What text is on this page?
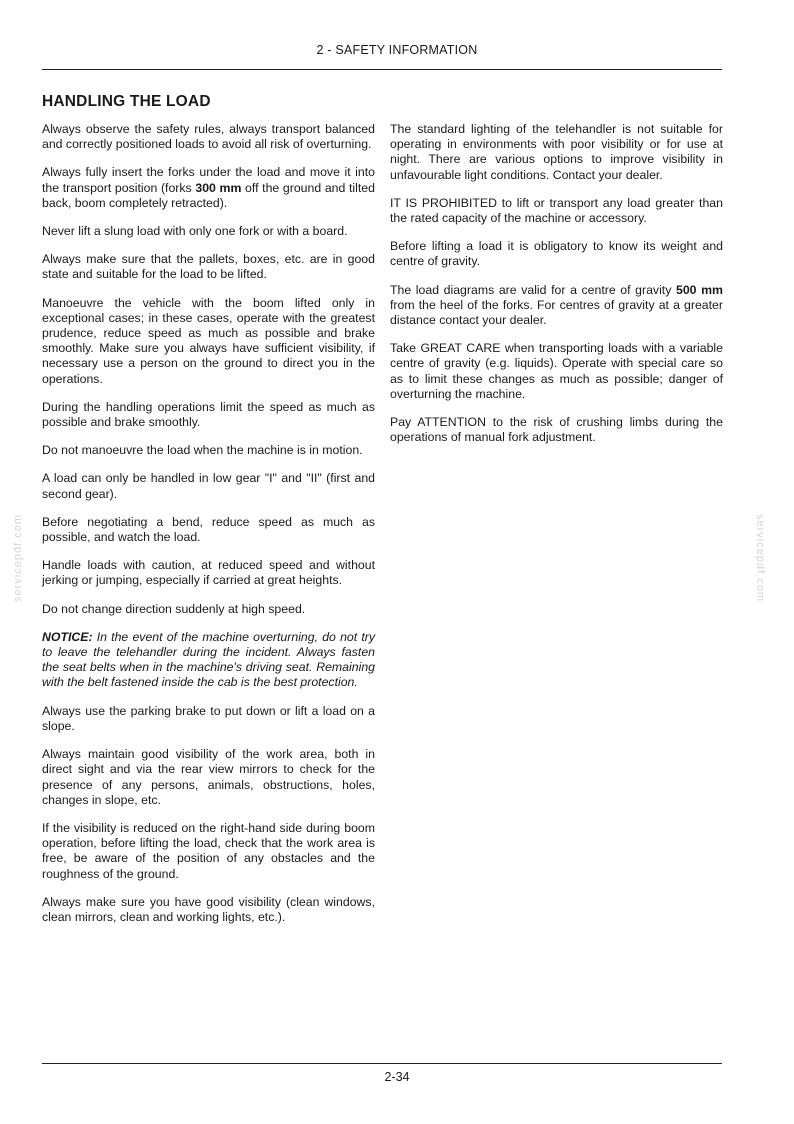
2 - SAFETY INFORMATION
HANDLING THE LOAD

Always observe the safety rules, always transport balanced and correctly positioned loads to avoid all risk of overturning.

Always fully insert the forks under the load and move it into the transport position (forks 300 mm off the ground and tilted back, boom completely retracted).

Never lift a slung load with only one fork or with a board.

Always make sure that the pallets, boxes, etc. are in good state and suitable for the load to be lifted.

Manoeuvre the vehicle with the boom lifted only in exceptional cases; in these cases, operate with the greatest prudence, reduce speed as much as possible and brake smoothly. Make sure you always have sufficient visibility, if necessary use a person on the ground to direct you in the operations.

During the handling operations limit the speed as much as possible and brake smoothly.

Do not manoeuvre the load when the machine is in motion.

A load can only be handled in low gear "I" and "II" (first and second gear).

Before negotiating a bend, reduce speed as much as possible, and watch the load.

Handle loads with caution, at reduced speed and without jerking or jumping, especially if carried at great heights.

Do not change direction suddenly at high speed.

NOTICE: In the event of the machine overturning, do not try to leave the telehandler during the incident. Always fasten the seat belts when in the machine's driving seat. Remaining with the belt fastened inside the cab is the best protection.

Always use the parking brake to put down or lift a load on a slope.

Always maintain good visibility of the work area, both in direct sight and via the rear view mirrors to check for the presence of any persons, animals, obstructions, holes, changes in slope, etc.

If the visibility is reduced on the right-hand side during boom operation, before lifting the load, check that the work area is free, be aware of the position of any obstacles and the roughness of the ground.

Always make sure you have good visibility (clean windows, clean mirrors, clean and working lights, etc.).

The standard lighting of the telehandler is not suitable for operating in environments with poor visibility or for use at night. There are various options to improve visibility in unfavourable light conditions. Contact your dealer.

IT IS PROHIBITED to lift or transport any load greater than the rated capacity of the machine or accessory.

Before lifting a load it is obligatory to know its weight and centre of gravity.

The load diagrams are valid for a centre of gravity 500 mm from the heel of the forks. For centres of gravity at a greater distance contact your dealer.

Take GREAT CARE when transporting loads with a variable centre of gravity (e.g. liquids). Operate with special care so as to limit these changes as much as possible; danger of overturning the machine.

Pay ATTENTION to the risk of crushing limbs during the operations of manual fork adjustment.

servicepdf.com	servicepdf.com
2-34
